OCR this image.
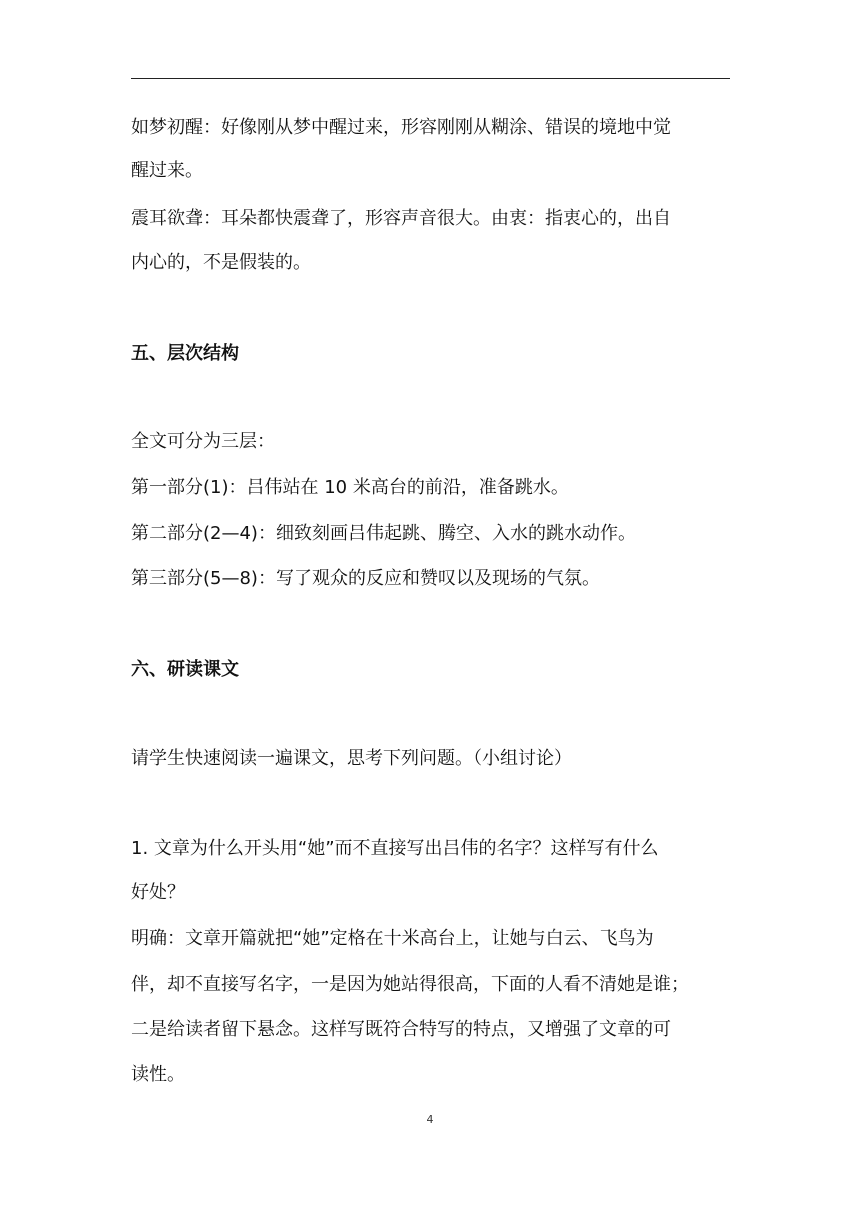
如梦初醒：好像刚从梦中醒过来，形容刚刚从糊涂、错误的境地中觉

醒过来。

震耳欲聋：耳朵都快震聋了，形容声音很大。由衷：指衷心的，出自

内心的，不是假装的。

五、层次结构

全文可分为三层：

第一部分(1)：吕伟站在 10 米高台的前沿，准备跳水。

第二部分(2—4)：细致刻画吕伟起跳、腾空、入水的跳水动作。

第三部分(5—8)：写了观众的反应和赞叹以及现场的气氛。

六、研读课文

请学生快速阅读一遍课文，思考下列问题。（小组讨论）

1. 文章为什么开头用“她”而不直接写出吕伟的名字？这样写有什么

好处？

明确：文章开篇就把“她”定格在十米高台上，让她与白云、飞鸟为

伴，却不直接写名字，一是因为她站得很高，下面的人看不清她是谁；

二是给读者留下悬念。这样写既符合特写的特点，又增强了文章的可

读性。

4
